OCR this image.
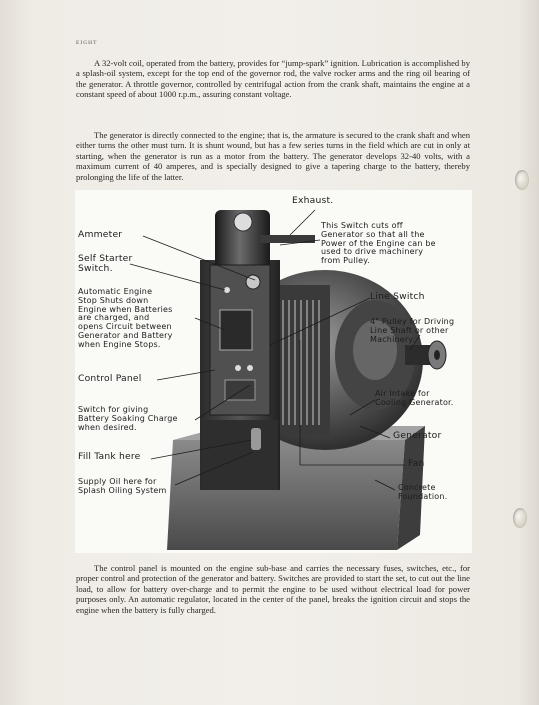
EIGHT

A 32-volt coil, operated from the battery, provides for “jump-spark” ignition. Lubrication is accomplished by a splash-oil system, except for the top end of the governor rod, the valve rocker arms and the ring oil bearing of the generator. A throttle governor, controlled by centrifugal action from the crank shaft, maintains the engine at a constant speed of about 1000 r.p.m., assuring constant voltage.

The generator is directly connected to the engine; that is, the armature is secured to the crank shaft and when either turns the other must turn. It is shunt wound, but has a few series turns in the field which are cut in only at starting, when the generator is run as a motor from the battery. The generator develops 32-40 volts, with a maximum current of 40 amperes, and is specially designed to give a tapering charge to the battery, thereby prolonging the life of the latter.

Exhaust.
This Switch cuts off
Generator so that all the
Power of the Engine can be
used to drive machinery
from Pulley.
Ammeter
Self Starter
Switch.
Automatic Engine
Stop Shuts down
Engine when Batteries
are charged, and
opens Circuit between
Generator and Battery
when Engine Stops.
Line Switch
4" Pulley for Driving
Line Shaft or other
Machinery.
Control Panel
Air Intake for
Cooling Generator.
Switch for giving
Battery Soaking Charge
when desired.
Generator
Fill Tank here
Fan
Supply Oil here for
Splash Oiling System	Concrete
Foundation.

The control panel is mounted on the engine sub-base and carries the necessary fuses, switches, etc., for proper control and protection of the generator and battery. Switches are provided to start the set, to cut out the line load, to allow for battery over-charge and to permit the engine to be used without electrical load for power purposes only. An automatic regulator, located in the center of the panel, breaks the ignition circuit and stops the engine when the battery is fully charged.
